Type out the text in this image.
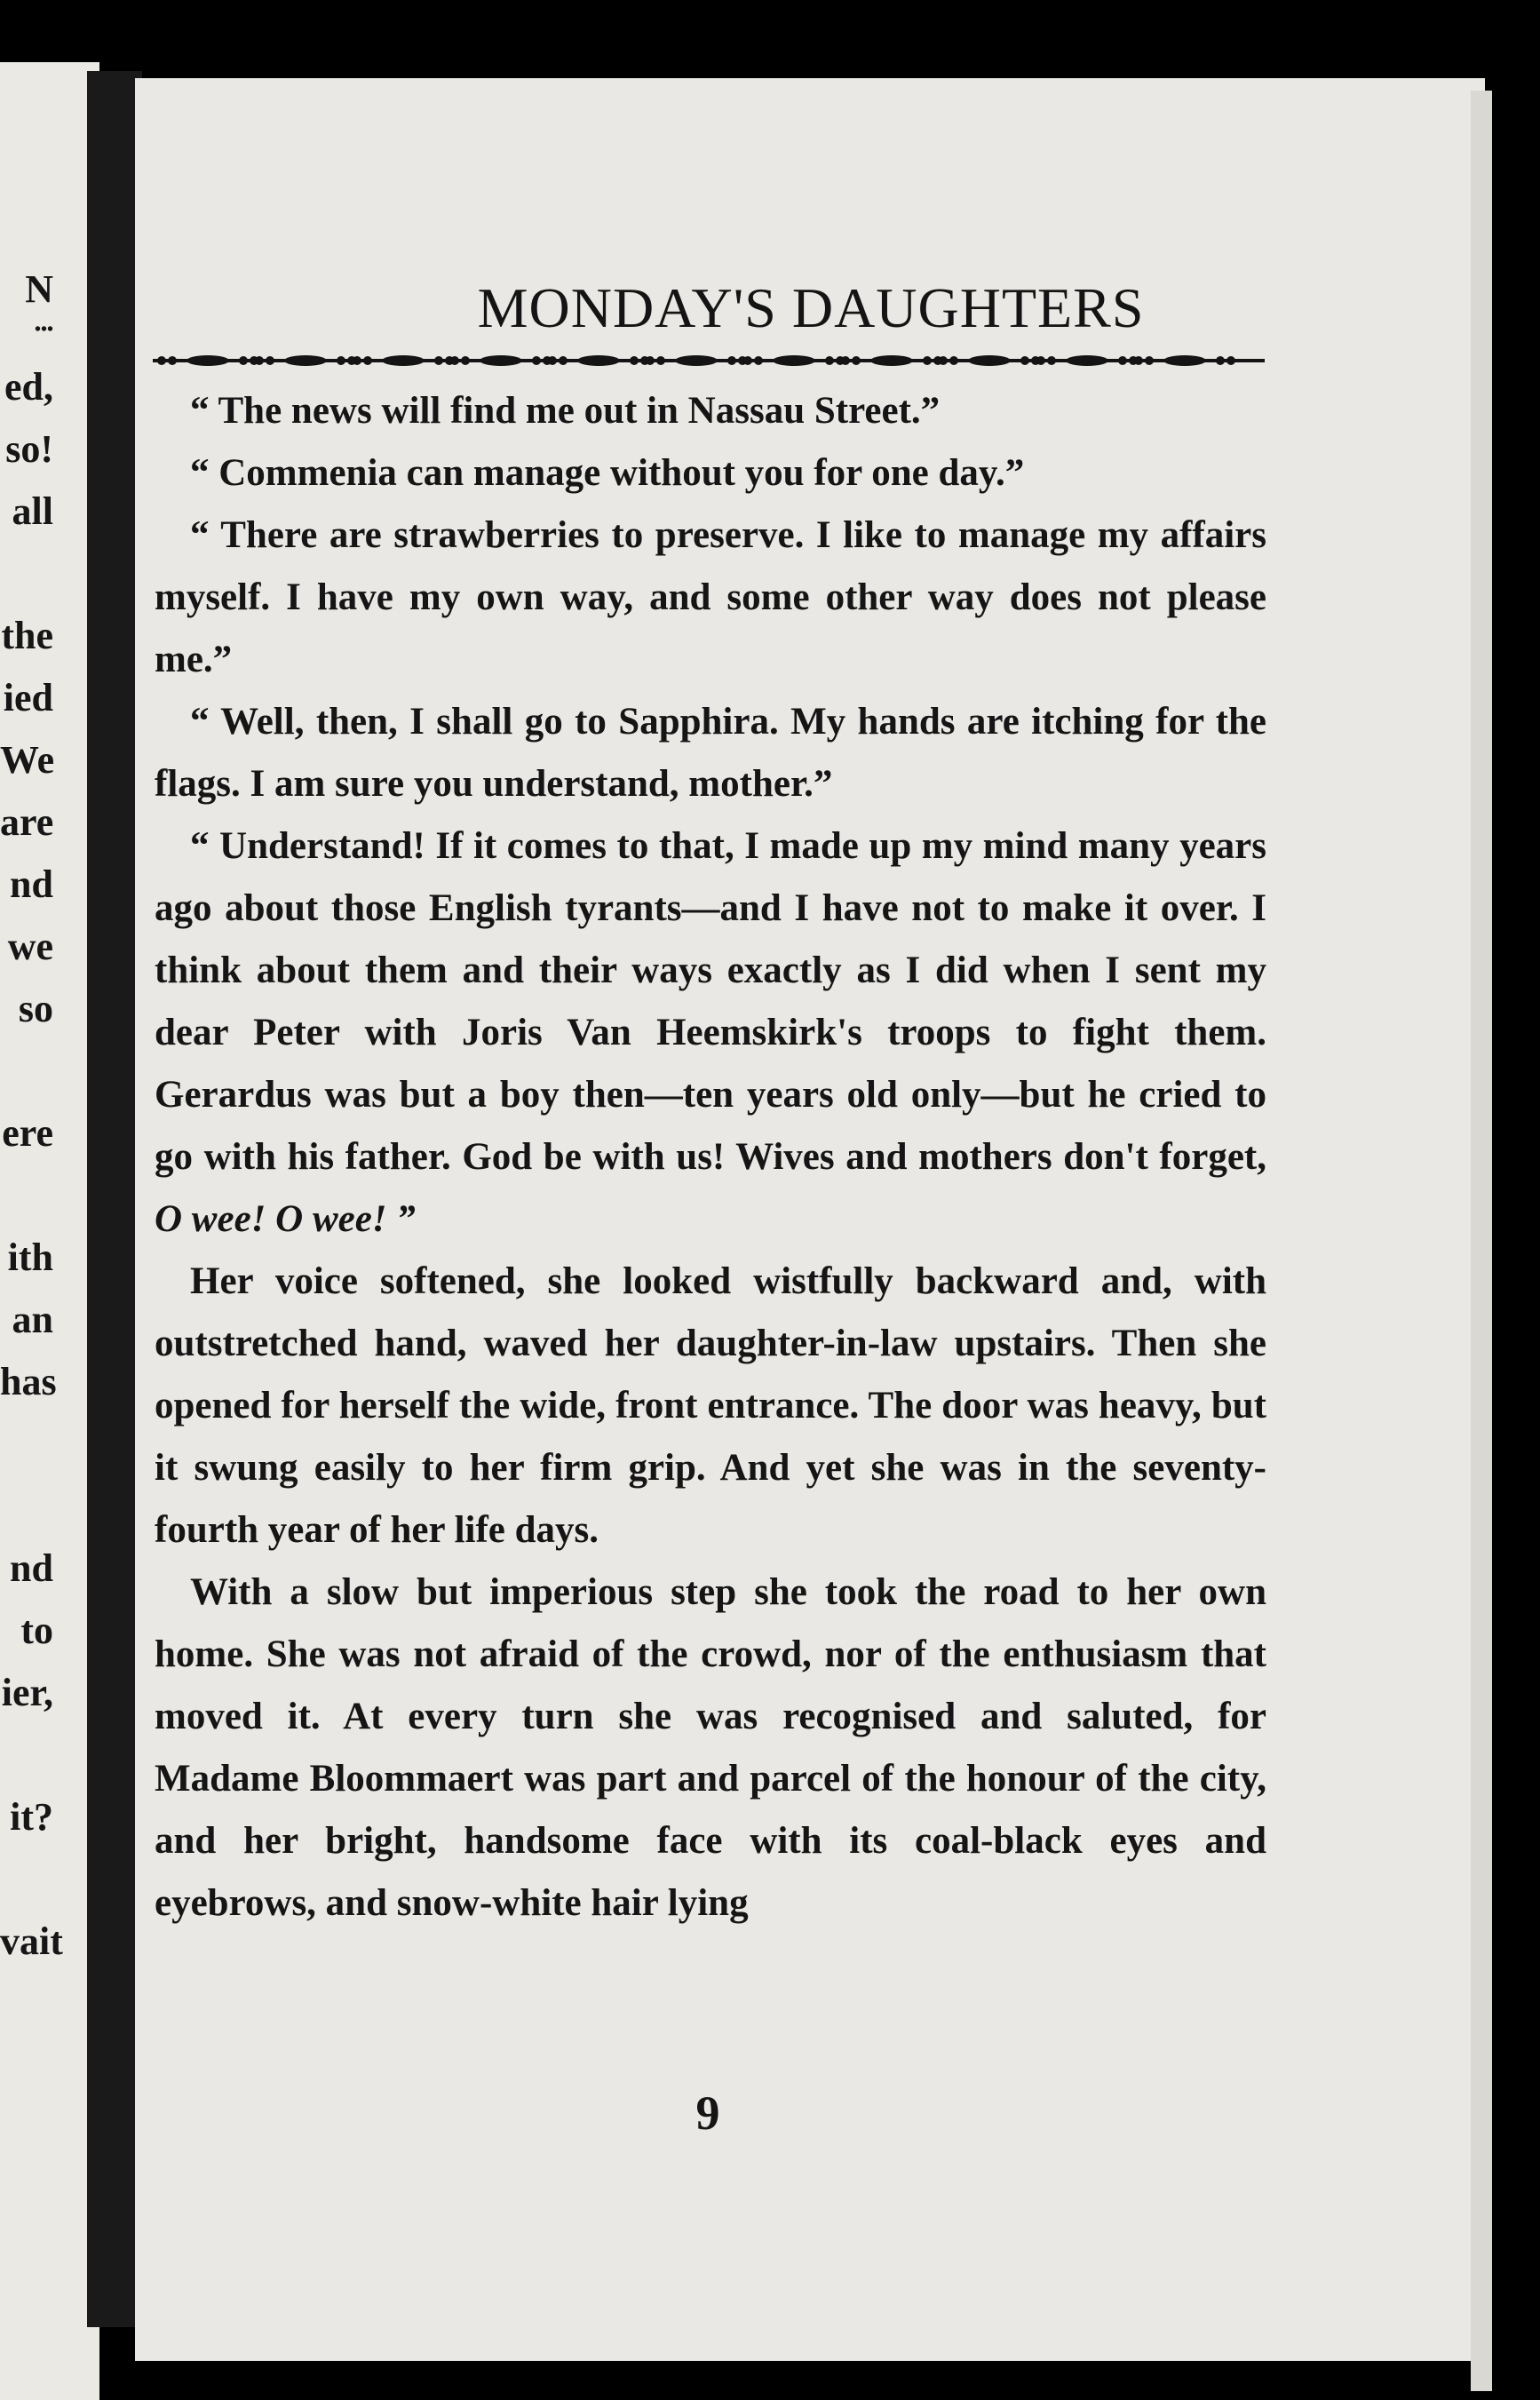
N
•••
ed,
so!
all
the
ied
We
are
nd
we
so
ere
ith
an
has
nd
to
ier,
it?
vait
MONDAY'S DAUGHTERS

“ The news will find me out in Nassau Street.”

“ Commenia can manage without you for one day.”

“ There are strawberries to preserve. I like to manage my affairs myself. I have my own way, and some other way does not please me.”

“ Well, then, I shall go to Sapphira. My hands are itching for the flags. I am sure you understand, mother.”

“ Understand! If it comes to that, I made up my mind many years ago about those English tyrants—and I have not to make it over. I think about them and their ways exactly as I did when I sent my dear Peter with Joris Van Heemskirk's troops to fight them. Gerardus was but a boy then—ten years old only—but he cried to go with his father. God be with us! Wives and mothers don't forget, O wee! O wee! ”

Her voice softened, she looked wistfully backward and, with outstretched hand, waved her daughter-in-law upstairs. Then she opened for herself the wide, front entrance. The door was heavy, but it swung easily to her firm grip. And yet she was in the seventy-fourth year of her life days.

With a slow but imperious step she took the road to her own home. She was not afraid of the crowd, nor of the enthusiasm that moved it. At every turn she was recognised and saluted, for Madame Bloommaert was part and parcel of the honour of the city, and her bright, handsome face with its coal-black eyes and eyebrows, and snow-white hair lying

9
